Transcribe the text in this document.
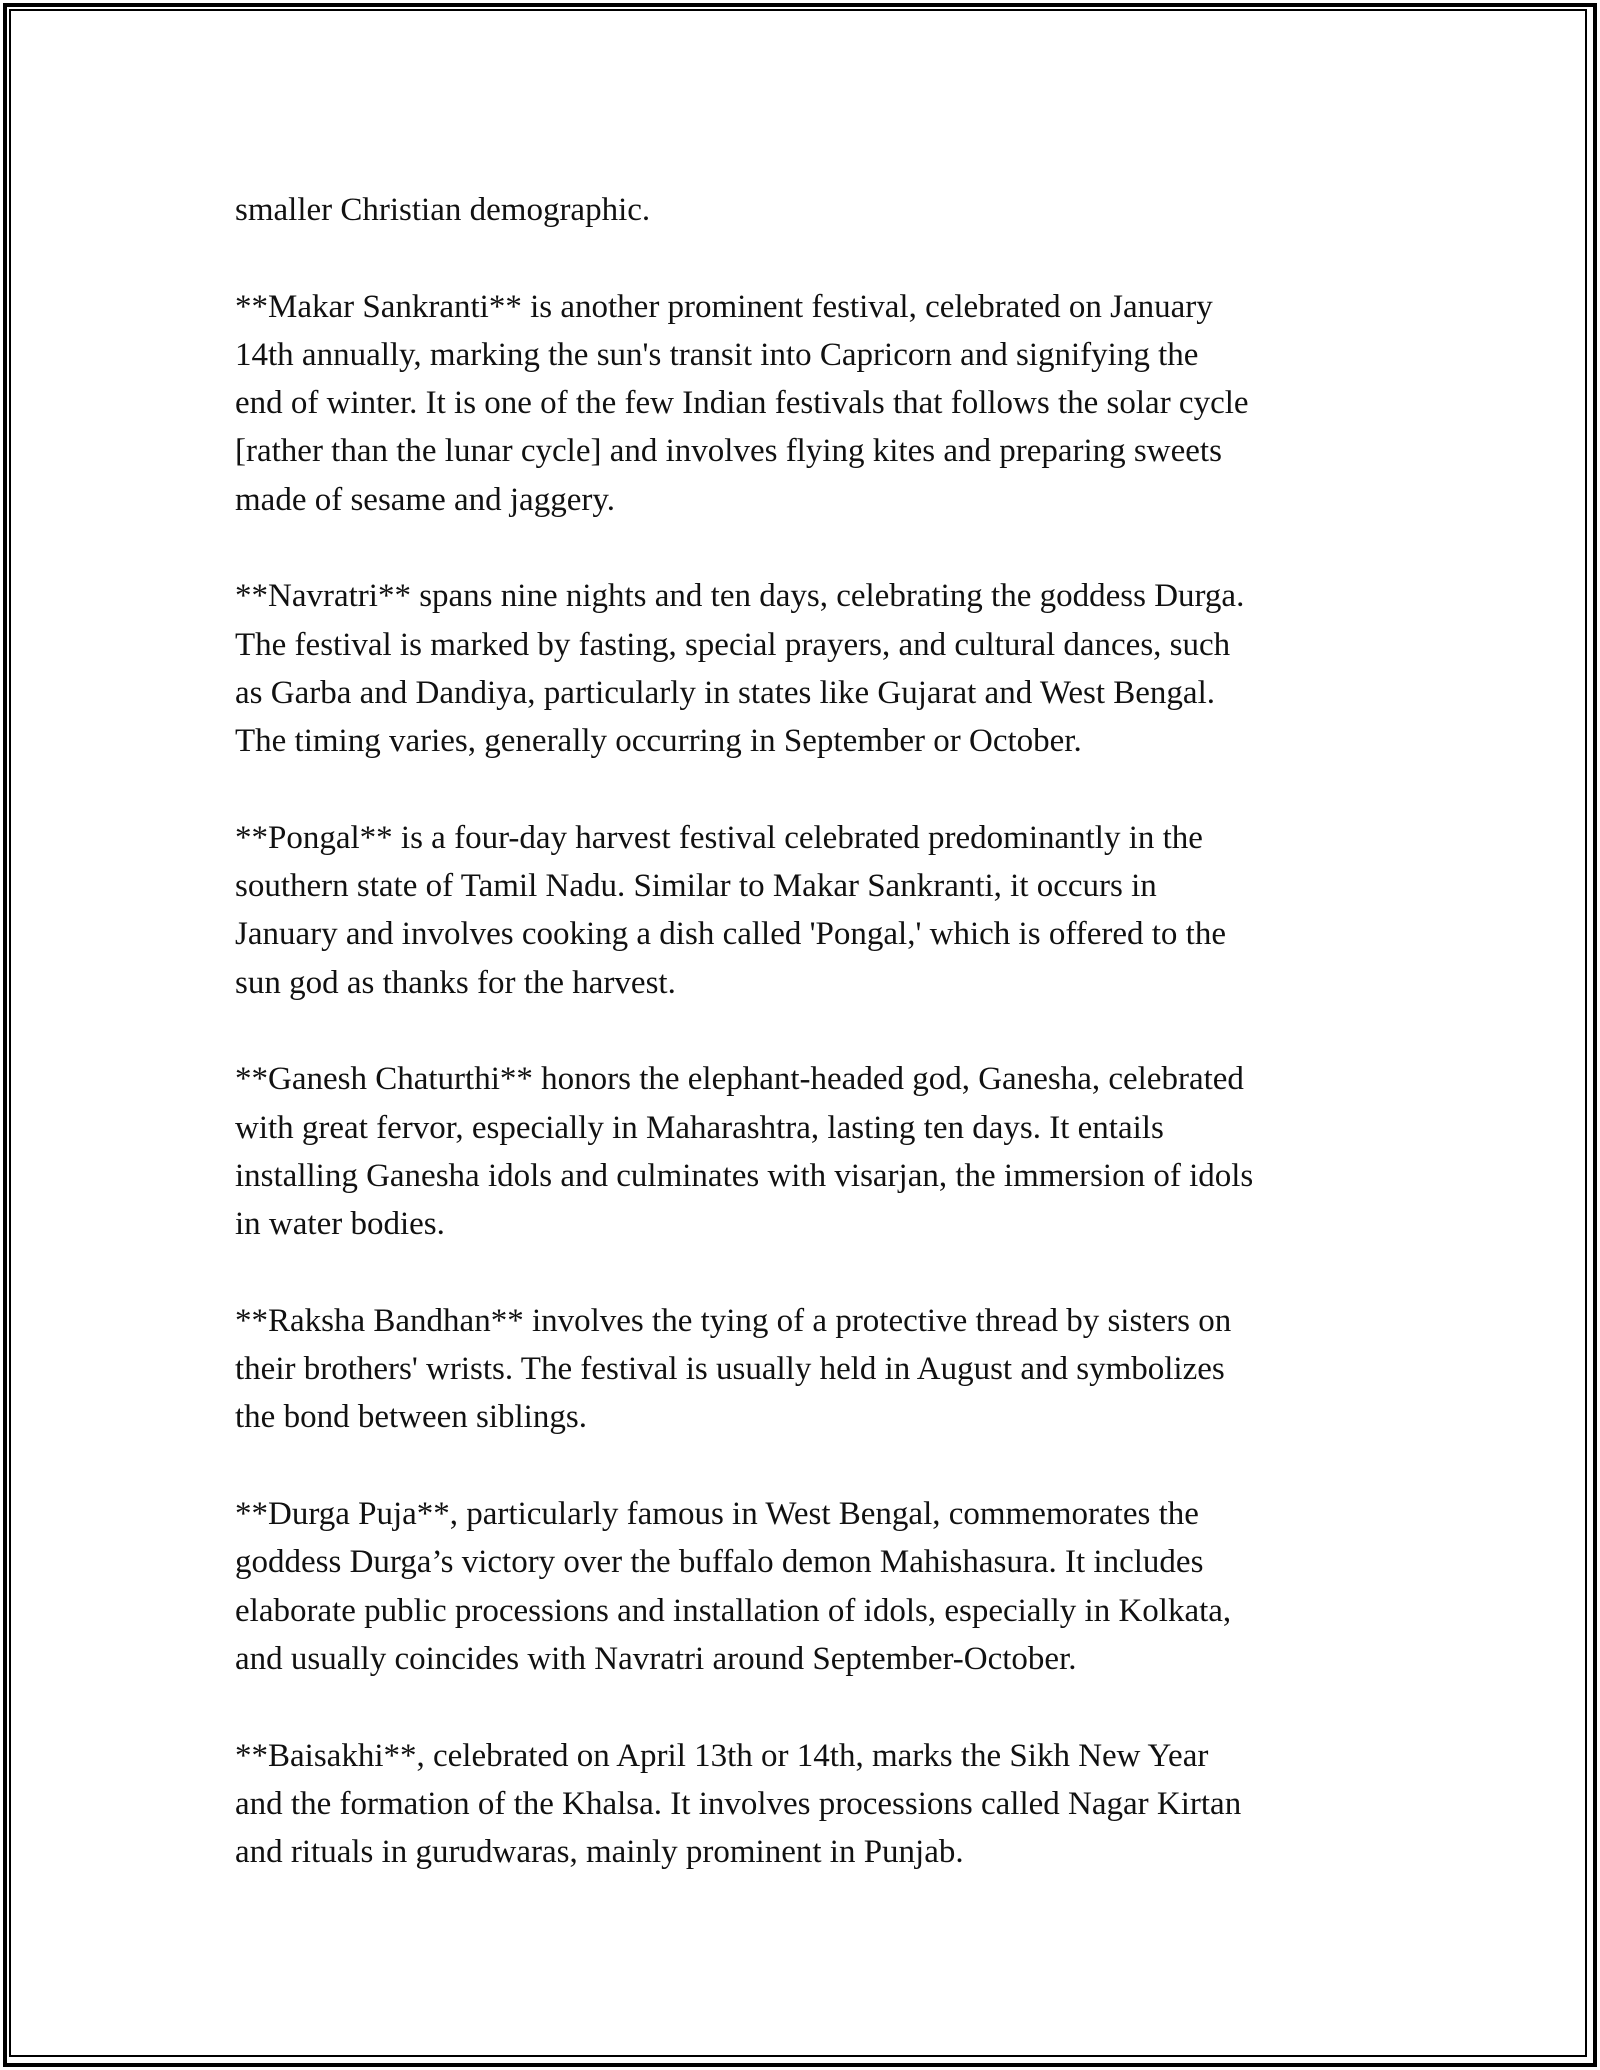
smaller Christian demographic.

**Makar Sankranti** is another prominent festival, celebrated on January
14th annually, marking the sun's transit into Capricorn and signifying the
end of winter. It is one of the few Indian festivals that follows the solar cycle
[rather than the lunar cycle] and involves flying kites and preparing sweets
made of sesame and jaggery.

**Navratri** spans nine nights and ten days, celebrating the goddess Durga.
The festival is marked by fasting, special prayers, and cultural dances, such
as Garba and Dandiya, particularly in states like Gujarat and West Bengal.
The timing varies, generally occurring in September or October.

**Pongal** is a four-day harvest festival celebrated predominantly in the
southern state of Tamil Nadu. Similar to Makar Sankranti, it occurs in
January and involves cooking a dish called 'Pongal,' which is offered to the
sun god as thanks for the harvest.

**Ganesh Chaturthi** honors the elephant-headed god, Ganesha, celebrated
with great fervor, especially in Maharashtra, lasting ten days. It entails
installing Ganesha idols and culminates with visarjan, the immersion of idols
in water bodies.

**Raksha Bandhan** involves the tying of a protective thread by sisters on
their brothers' wrists. The festival is usually held in August and symbolizes
the bond between siblings.

**Durga Puja**, particularly famous in West Bengal, commemorates the
goddess Durga’s victory over the buffalo demon Mahishasura. It includes
elaborate public processions and installation of idols, especially in Kolkata,
and usually coincides with Navratri around September-October.

**Baisakhi**, celebrated on April 13th or 14th, marks the Sikh New Year
and the formation of the Khalsa. It involves processions called Nagar Kirtan
and rituals in gurudwaras, mainly prominent in Punjab.
